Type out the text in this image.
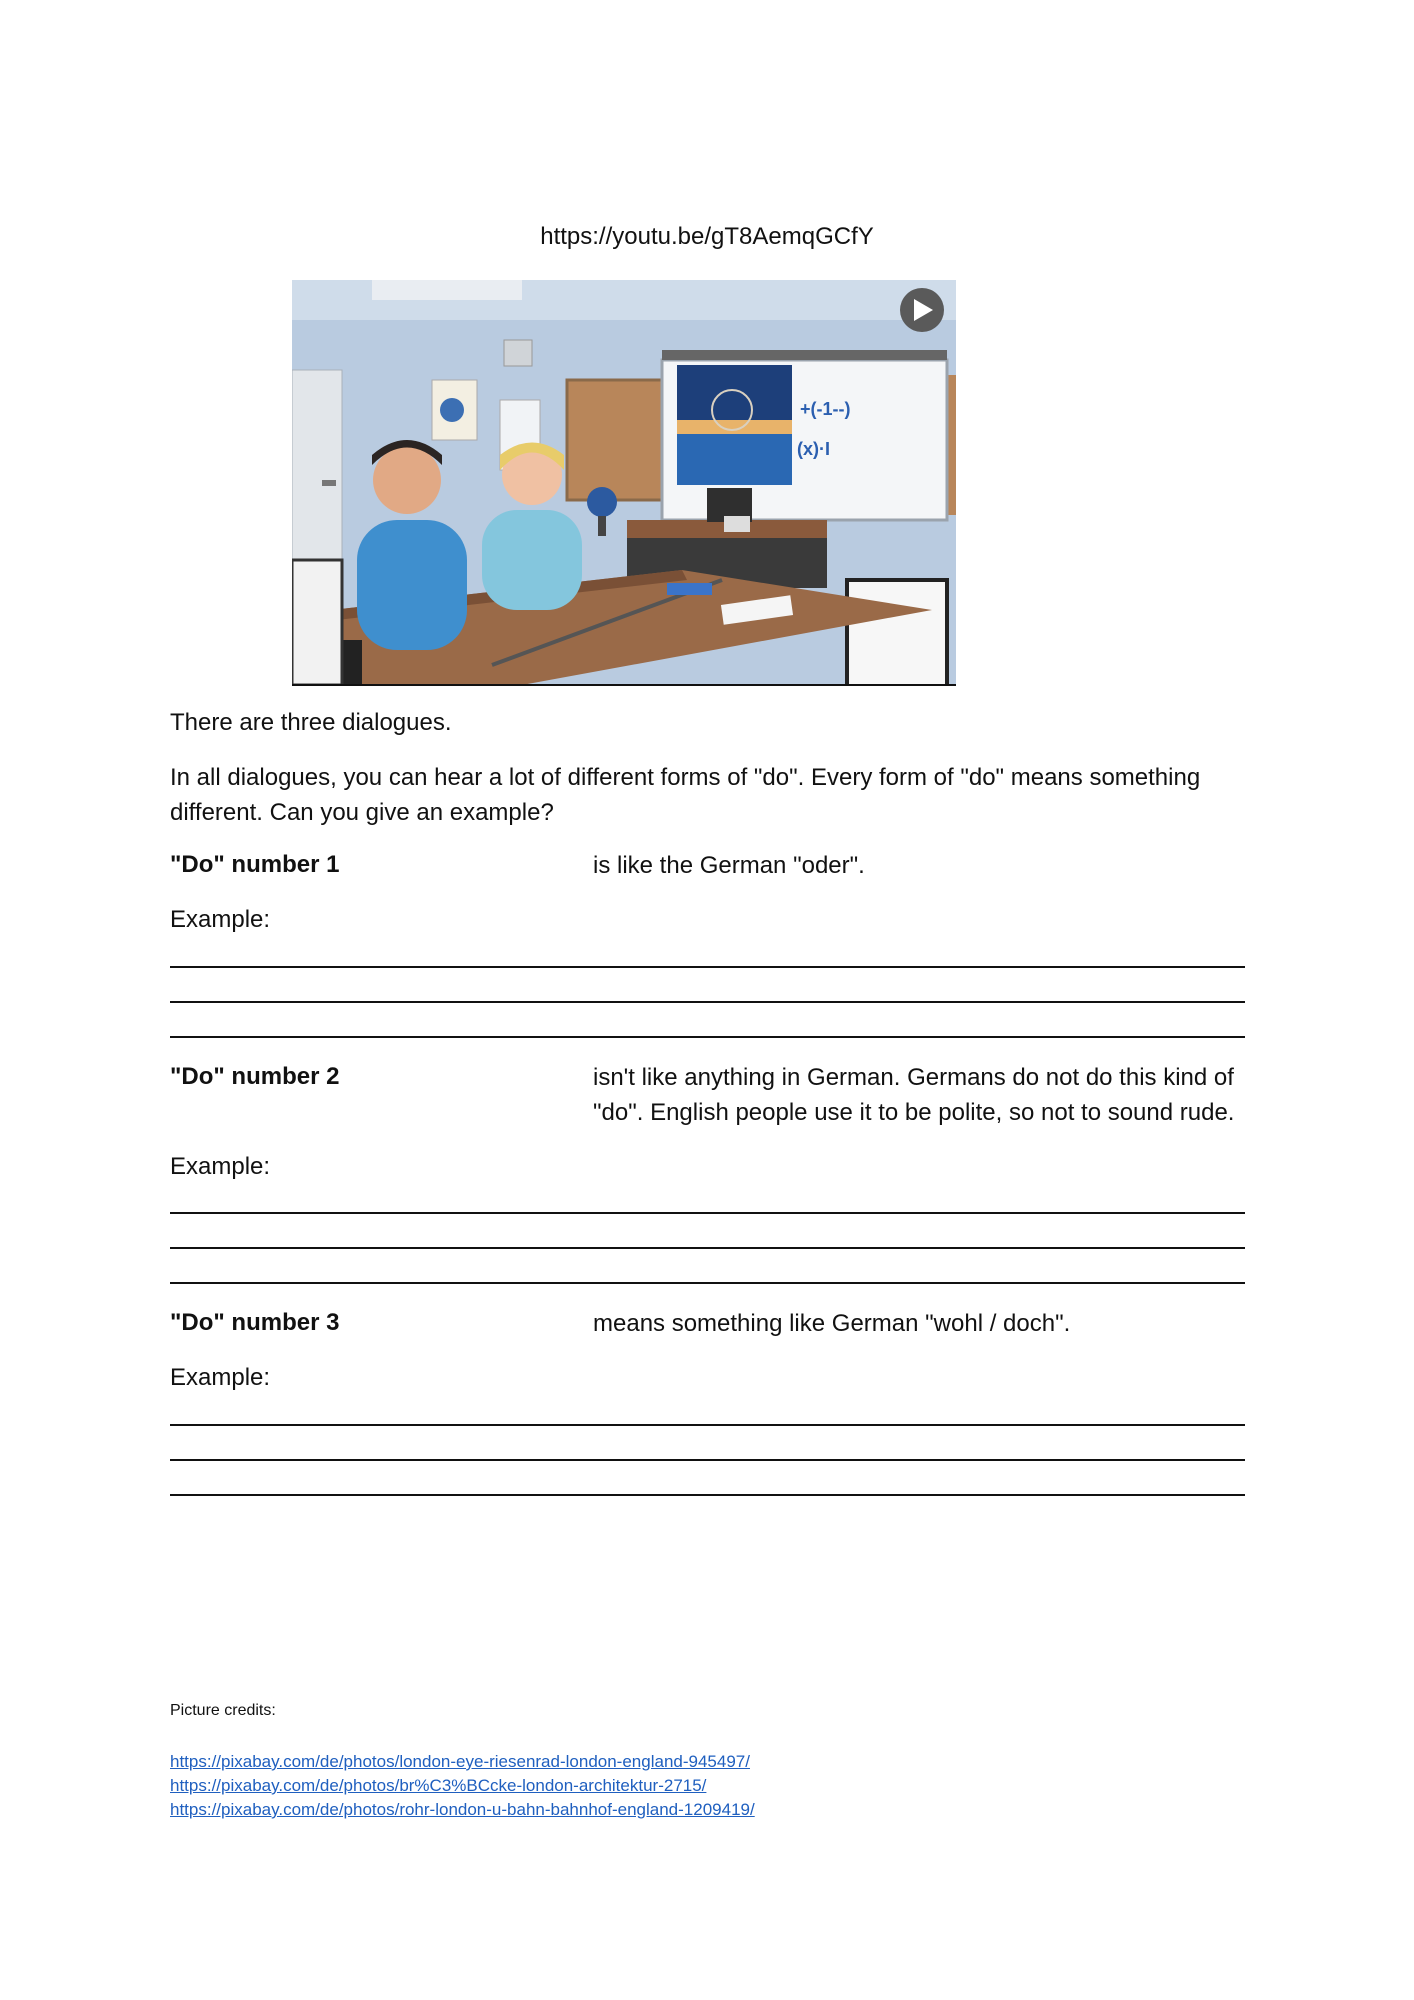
https://youtu.be/gT8AemqGCfY
+(-1--)
(x)·I
There are three dialogues.
In all dialogues, you can hear a lot of different forms of "do". Every form of "do" means something
different. Can you give an example?
"Do" number 1	is like the German "oder".
Example:
"Do" number 2	isn't like anything in German. Germans do not do this kind of
"do". English people use it to be polite, so not to sound rude.
Example:
"Do" number 3	means something like German "wohl / doch".
Example:
Picture credits:
https://pixabay.com/de/photos/london-eye-riesenrad-london-england-945497/
https://pixabay.com/de/photos/br%C3%BCcke-london-architektur-2715/
https://pixabay.com/de/photos/rohr-london-u-bahn-bahnhof-england-1209419/
